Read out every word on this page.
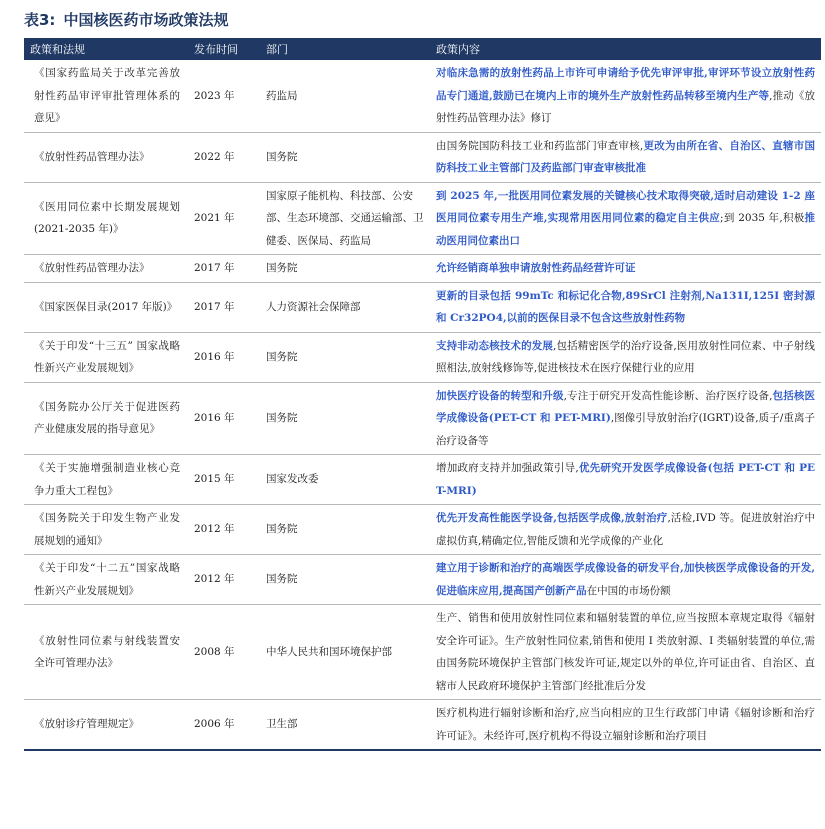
表3: 中国核医药市场政策法规
政策和法规	发布时间	部门	政策内容
《国家药监局关于改革完善放射性药品审评审批管理体系的意见》	2023 年	药监局	对临床急需的放射性药品上市许可申请给予优先审评审批,审评环节设立放射性药品专门通道,鼓励已在境内上市的境外生产放射性药品转移至境内生产等,推动《放射性药品管理办法》修订
《放射性药品管理办法》	2022 年	国务院	由国务院国防科技工业和药监部门审查审核,更改为由所在省、自治区、直辖市国防科技工业主管部门及药监部门审查审核批准
《医用同位素中长期发展规划(2021-2035 年)》	2021 年	国家原子能机构、科技部、公安部、生态环境部、交通运输部、卫健委、医保局、药监局	到 2025 年,一批医用同位素发展的关键核心技术取得突破,适时启动建设 1-2 座医用同位素专用生产堆,实现常用医用同位素的稳定自主供应;到 2035 年,积极推动医用同位素出口
《放射性药品管理办法》	2017 年	国务院	允许经销商单独申请放射性药品经营许可证
《国家医保目录(2017 年版)》	2017 年	人力资源社会保障部	更新的目录包括 99mTc 和标记化合物,89SrCl 注射剂,Na131I,125I 密封源和 Cr32PO4,以前的医保目录不包含这些放射性药物
《关于印发“十三五” 国家战略性新兴产业发展规划》	2016 年	国务院	支持非动态核技术的发展,包括精密医学的治疗设备,医用放射性同位素、中子射线照相法,放射线修饰等,促进核技术在医疗保健行业的应用
《国务院办公厅关于促进医药产业健康发展的指导意见》	2016 年	国务院	加快医疗设备的转型和升级,专注于研究开发高性能诊断、治疗医疗设备,包括核医学成像设备(PET-CT 和 PET-MRI),图像引导放射治疗(IGRT)设备,质子/重离子治疗设备等
《关于实施增强制造业核心竞争力重大工程包》	2015 年	国家发改委	增加政府支持并加强政策引导,优先研究开发医学成像设备(包括 PET-CT 和 PET-MRI)
《国务院关于印发生物产业发展规划的通知》	2012 年	国务院	优先开发高性能医学设备,包括医学成像,放射治疗,活检,IVD 等。促进放射治疗中虚拟仿真,精确定位,智能反馈和光学成像的产业化
《关于印发“十二五”国家战略性新兴产业发展规划》	2012 年	国务院	建立用于诊断和治疗的高端医学成像设备的研发平台,加快核医学成像设备的开发,促进临床应用,提高国产创新产品在中国的市场份额
《放射性同位素与射线装置安全许可管理办法》	2008 年	中华人民共和国环境保护部	生产、销售和使用放射性同位素和辐射装置的单位,应当按照本章规定取得《辐射安全许可证》。生产放射性同位素,销售和使用 I 类放射源、I 类辐射装置的单位,需由国务院环境保护主管部门核发许可证,规定以外的单位,许可证由省、自治区、直辖市人民政府环境保护主管部门经批准后分发
《放射诊疗管理规定》	2006 年	卫生部	医疗机构进行辐射诊断和治疗,应当向相应的卫生行政部门申请《辐射诊断和治疗许可证》。未经许可,医疗机构不得设立辐射诊断和治疗项目
